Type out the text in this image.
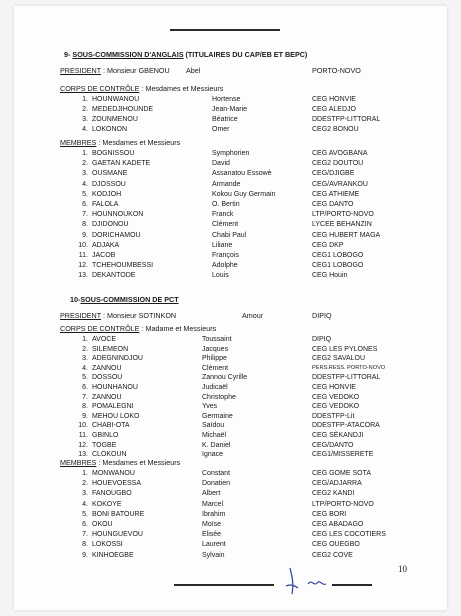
9- SOUS-COMMISSION D'ANGLAIS (TITULAIRES DU CAP/EB ET BEPC)
PRESIDENT : Monsieur GBENOU Abel	PORTO-NOVO
CORPS DE CONTRÔLE : Mesdames et Messieurs
1. HOUNWANOU	Hortense	CEG HONVIE
2. MEDEDJIHOUNDE	Jean-Marie	CEG ALEDJO
3. ZOUNMENOU	Béatrice	DDESTFP-LITTORAL
4. LOKONON	Omer	CEG2 BONOU
MEMBRES : Mesdames et Messieurs
1. BOGNISSOU	Symphorien	CEG AVOGBANA
2. GAETAN KADETE	David	CEG2 DOUTOU
3. OUSMANE	Assanatou Essowè	CEG/DJIGBE
4. DJOSSOU	Armande	CEG/AVRANKOU
5. KODJOH	Kokou Guy Germain	CEG ATHIEME
6. FALOLA	O. Bertin	CEG DANTO
7. HOUNNOUKON	Franck	LTP/PORTO-NOVO
8. DJIDONOU	Clément	LYCEE BEHANZIN
9. DORICHAMOU	Chabi Paul	CEG HUBERT MAGA
10. ADJAKA	Liliane	CEG DKP
11. JACOB	François	CEG1 LOBOGO
12. TCHEHOUMBESSI	Adolphe	CEG1 LOBOGO
13. DEKANTODE	Louis	CEG Houin
10-SOUS-COMMISSION DE PCT
PRESIDENT : Monsieur SOTINKON	Amour	DIPIQ
CORPS DE CONTRÔLE : Madame et Messieurs
1. AVOCE	Toussaint	DIPIQ
2. SILEMEON	Jacques	CEG LES PYLONES
3. ADEGNINDJOU	Philippe	CEG2 SAVALOU
4. ZANNOU	Clément	PERS.RESS. PORTO-NOVO
5. DOSSOU	Zannou Cyrille	DDESTFP-LITTORAL
6. HOUNHANOU	Judicaël	CEG HONVIE
7. ZANNOU	Christophe	CEG VEDOKO
8. POMALEGNI	Yves	CEG VEDOKO
9. MEHOU LOKO	Germaine	DDESTFP-Lit
10. CHABI-OTA	Saïdou	DDESTFP-ATACORA
11. GBINLO	Michaël	CEG SÈKANDJI
12. TOGBE	K. Daniel	CEG/DANTO
13. CLOKOUN	Ignace	CEG1/MISSERETE
MEMBRES : Mesdames et Messieurs
1. MONWANOU	Constant	CEG GOME SOTA
2. HOUEVOESSA	Donatien	CEG/ADJARRA
3. FANOUGBO	Albert	CEG2 KANDI
4. KOKOYE	Marcel	LTP/PORTO-NOVO
5. BONI BATOURE	Ibrahim	CEG BORI
6. OKOU	Moïse	CEG ABADAGO
7. HOUNGUEVOU	Elisée	CEG LES COCOTIERS
8. LOKOSSI	Laurent	CEG OUEGBO
9. KINHOEGBE	Sylvain	CEG2 COVE
10
